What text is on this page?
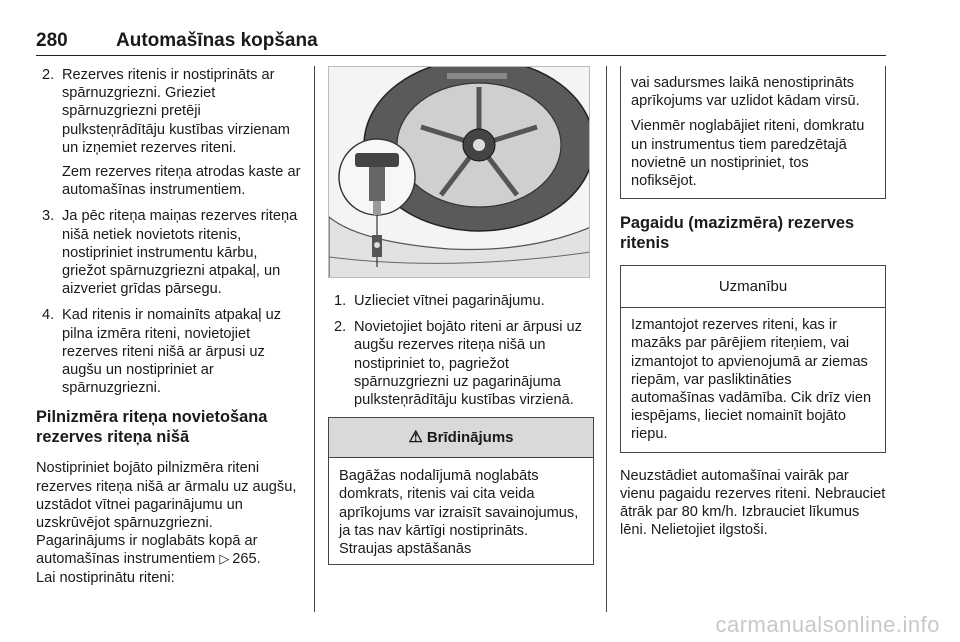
280	Automašīnas kopšana
2. Rezerves ritenis ir nostiprināts ar spārnuzgriezni. Grieziet spārnuzgriezni pretēji pulksteņrādītāju kustības virzienam un izņemiet rezerves riteni.

Zem rezerves riteņa atrodas kaste ar automašīnas instrumentiem.

3. Ja pēc riteņa maiņas rezerves riteņa nišā netiek novietots ritenis, nostipriniet instrumentu kārbu, griežot spārnuzgriezni atpakaļ, un aizveriet grīdas pārsegu.

4. Kad ritenis ir nomainīts atpakaļ uz pilna izmēra riteni, novietojiet rezerves riteni nišā ar ārpusi uz augšu un nostipriniet ar spārnuzgriezni.

Pilnizmēra riteņa novietošana rezerves riteņa nišā

Nostipriniet bojāto pilnizmēra riteni rezerves riteņa nišā ar ārmalu uz augšu, uzstādot vītnei pagarinājumu un uzskrūvējot spārnuzgriezni. Pagarinājums ir noglabāts kopā ar automašīnas instrumentiem ▷  265.

Lai nostiprinātu riteni:

1. Uzlieciet vītnei pagarinājumu.

2. Novietojiet bojāto riteni ar ārpusi uz augšu rezerves riteņa nišā un nostipriniet to, pagriežot spārnuzgriezni uz pagarinājuma pulksteņrādītāju kustības virzienā.

⚠ Brīdinājums
Bagāžas nodalījumā noglabāts domkrats, ritenis vai cita veida aprīkojums var izraisīt savainojumus, ja tas nav kārtīgi nostiprināts. Straujas apstāšanās

vai sadursmes laikā nenostiprināts aprīkojums var uzlidot kādam virsū.

Vienmēr noglabājiet riteni, domkratu un instrumentus tiem paredzētajā novietnē un nostipriniet, tos nofiksējot.

Pagaidu (mazizmēra) rezerves ritenis
Uzmanību
Izmantojot rezerves riteni, kas ir mazāks par pārējiem riteņiem, vai izmantojot to apvienojumā ar ziemas riepām, var pasliktināties automašīnas vadāmība. Cik drīz vien iespējams, lieciet nomainīt bojāto riepu.

Neuzstādiet automašīnai vairāk par vienu pagaidu rezerves riteni. Nebrauciet ātrāk par 80 km/h. Izbrauciet līkumus lēni. Nelietojiet ilgstoši.

carmanualsonline.info
